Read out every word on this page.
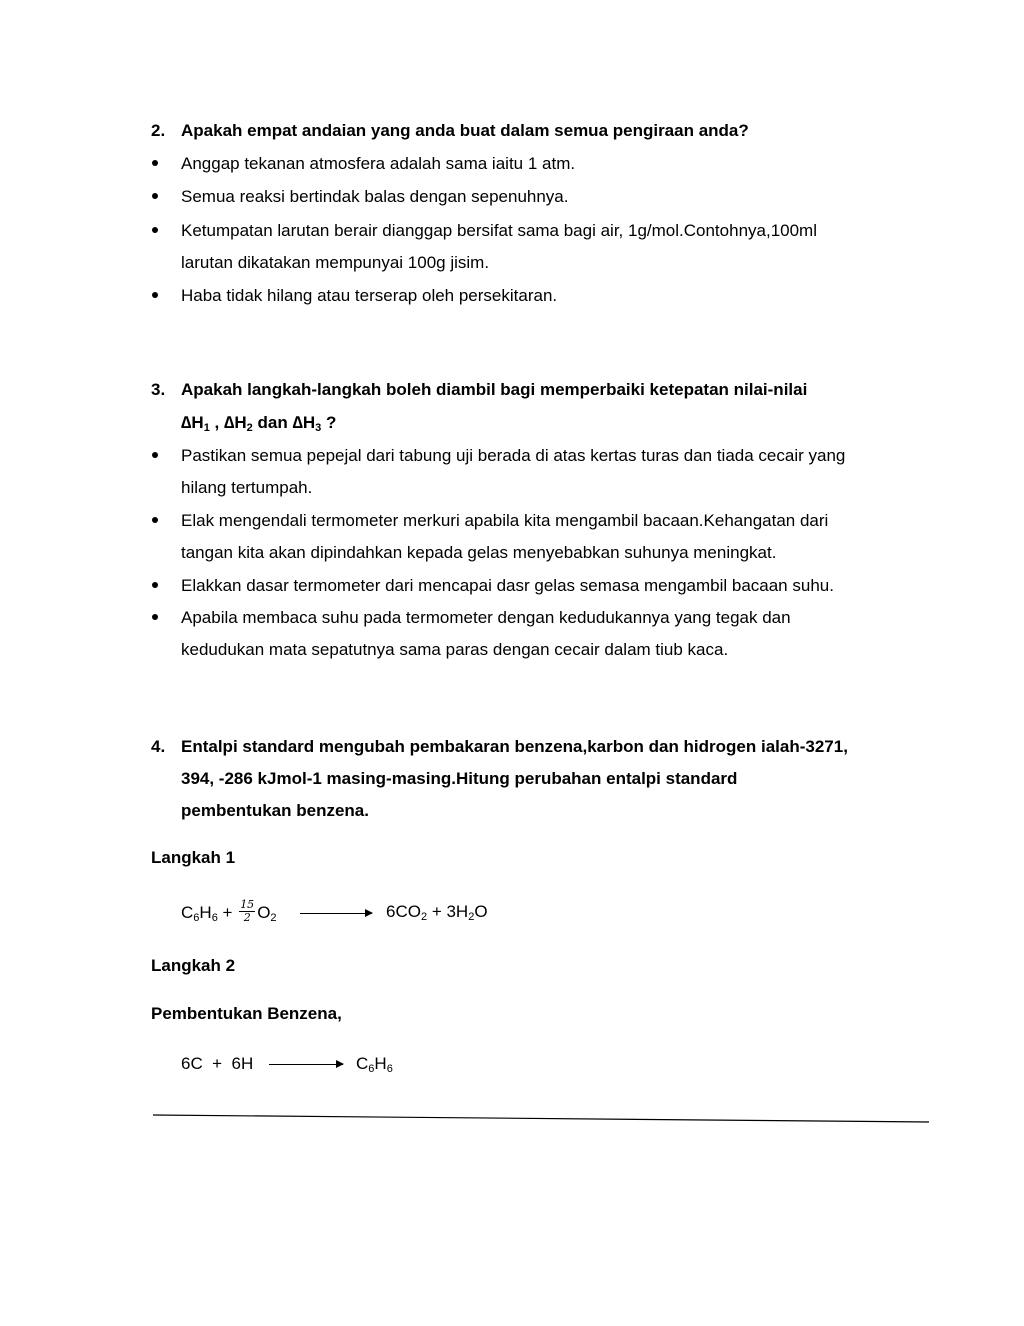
2. Apakah empat andaian yang anda buat dalam semua pengiraan anda?
Anggap tekanan atmosfera adalah sama iaitu 1 atm.
Semua reaksi bertindak balas dengan sepenuhnya.
Ketumpatan larutan berair dianggap bersifat sama bagi air, 1g/mol.Contohnya,100ml
larutan dikatakan mempunyai 100g jisim.
Haba tidak hilang atau terserap oleh persekitaran.
3. Apakah langkah-langkah boleh diambil bagi memperbaiki ketepatan nilai-nilai
$\Delta H_1$ , $\Delta H_2$ dan $\Delta H_3$ ?
Pastikan semua pepejal dari tabung uji berada di atas kertas turas dan tiada cecair yang
hilang tertumpah.
Elak mengendali termometer merkuri apabila kita mengambil bacaan.Kehangatan dari
tangan kita akan dipindahkan kepada gelas menyebabkan suhunya meningkat.
Elakkan dasar termometer dari mencapai dasr gelas semasa mengambil bacaan suhu.
Apabila membaca suhu pada termometer dengan kedudukannya yang tegak dan
kedudukan mata sepatutnya sama paras dengan cecair dalam tiub kaca.
4. Entalpi standard mengubah pembakaran benzena,karbon dan hidrogen ialah-3271,
394, -286 kJmol-1 masing-masing.Hitung perubahan entalpi standard
pembentukan benzena.
Langkah 1
$C_6H_6 + \frac{15}{2} O_2$	$6CO_2 + 3H_2O$
Langkah 2
Pembentukan Benzena,
6C  +  6H	$C_6H_6$
